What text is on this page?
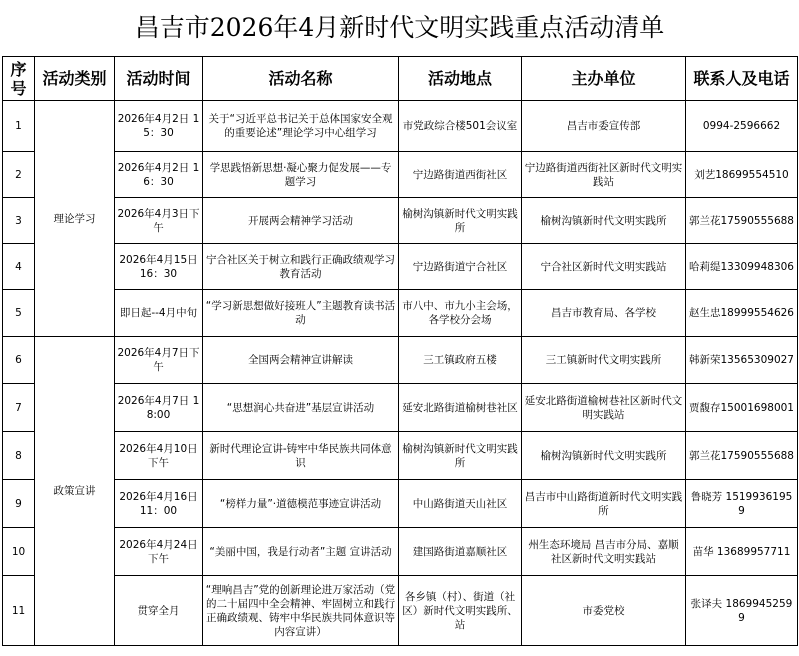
昌吉市2026年4月新时代文明实践重点活动清单
序号	活动类别	活动时间	活动名称	活动地点	主办单位	联系人及电话
1	理论学习	2026年4月2日 15：30	关于“习近平总书记关于总体国家安全观的重要论述”理论学习中心组学习	市党政综合楼501会议室	昌吉市委宣传部	0994-2596662
2		2026年4月2日 16：30	学思践悟新思想·凝心聚力促发展——专题学习	宁边路街道西街社区	宁边路街道西街社区新时代文明实践站	刘艺18699554510
3		2026年4月3日下午	开展两会精神学习活动	榆树沟镇新时代文明实践所	榆树沟镇新时代文明实践所	郭兰花17590555688
4		2026年4月15日 16：30	宁合社区关于树立和践行正确政绩观学习教育活动	宁边路街道宁合社区	宁合社区新时代文明实践站	哈莉缇13309948306
5		即日起--4月中旬	“学习新思想做好接班人”主题教育读书活动	市八中、市九小主会场，各学校分会场	昌吉市教育局、各学校	赵生忠18999554626
6	政策宣讲	2026年4月7日下午	全国两会精神宣讲解读	三工镇政府五楼	三工镇新时代文明实践所	韩新荣13565309027
7		2026年4月7日 18:00	“思想润心共奋进”基层宣讲活动	延安北路街道榆树巷社区	延安北路街道榆树巷社区新时代文明实践站	贾馥存15001698001
8		2026年4月10日下午	新时代理论宣讲-铸牢中华民族共同体意识	榆树沟镇新时代文明实践所	榆树沟镇新时代文明实践所	郭兰花17590555688
9		2026年4月16日 11：00	“榜样力量”·道德模范事迹宣讲活动	中山路街道天山社区	昌吉市中山路街道新时代文明实践所	鲁晓芳 15199361959
10		2026年4月24日下午	“美丽中国，我是行动者”主题 宣讲活动	建国路街道嘉顺社区	州生态环境局 昌吉市分局、嘉顺社区新时代文明实践站	苗华 13689957711
11		贯穿全月	“理响昌吉”党的创新理论进万家活动（党的二十届四中全会精神、牢固树立和践行正确政绩观、铸牢中华民族共同体意识等内容宣讲）	各乡镇（村）、街道（社区）新时代文明实践所、站	市委党校	张译夫 18699452599
